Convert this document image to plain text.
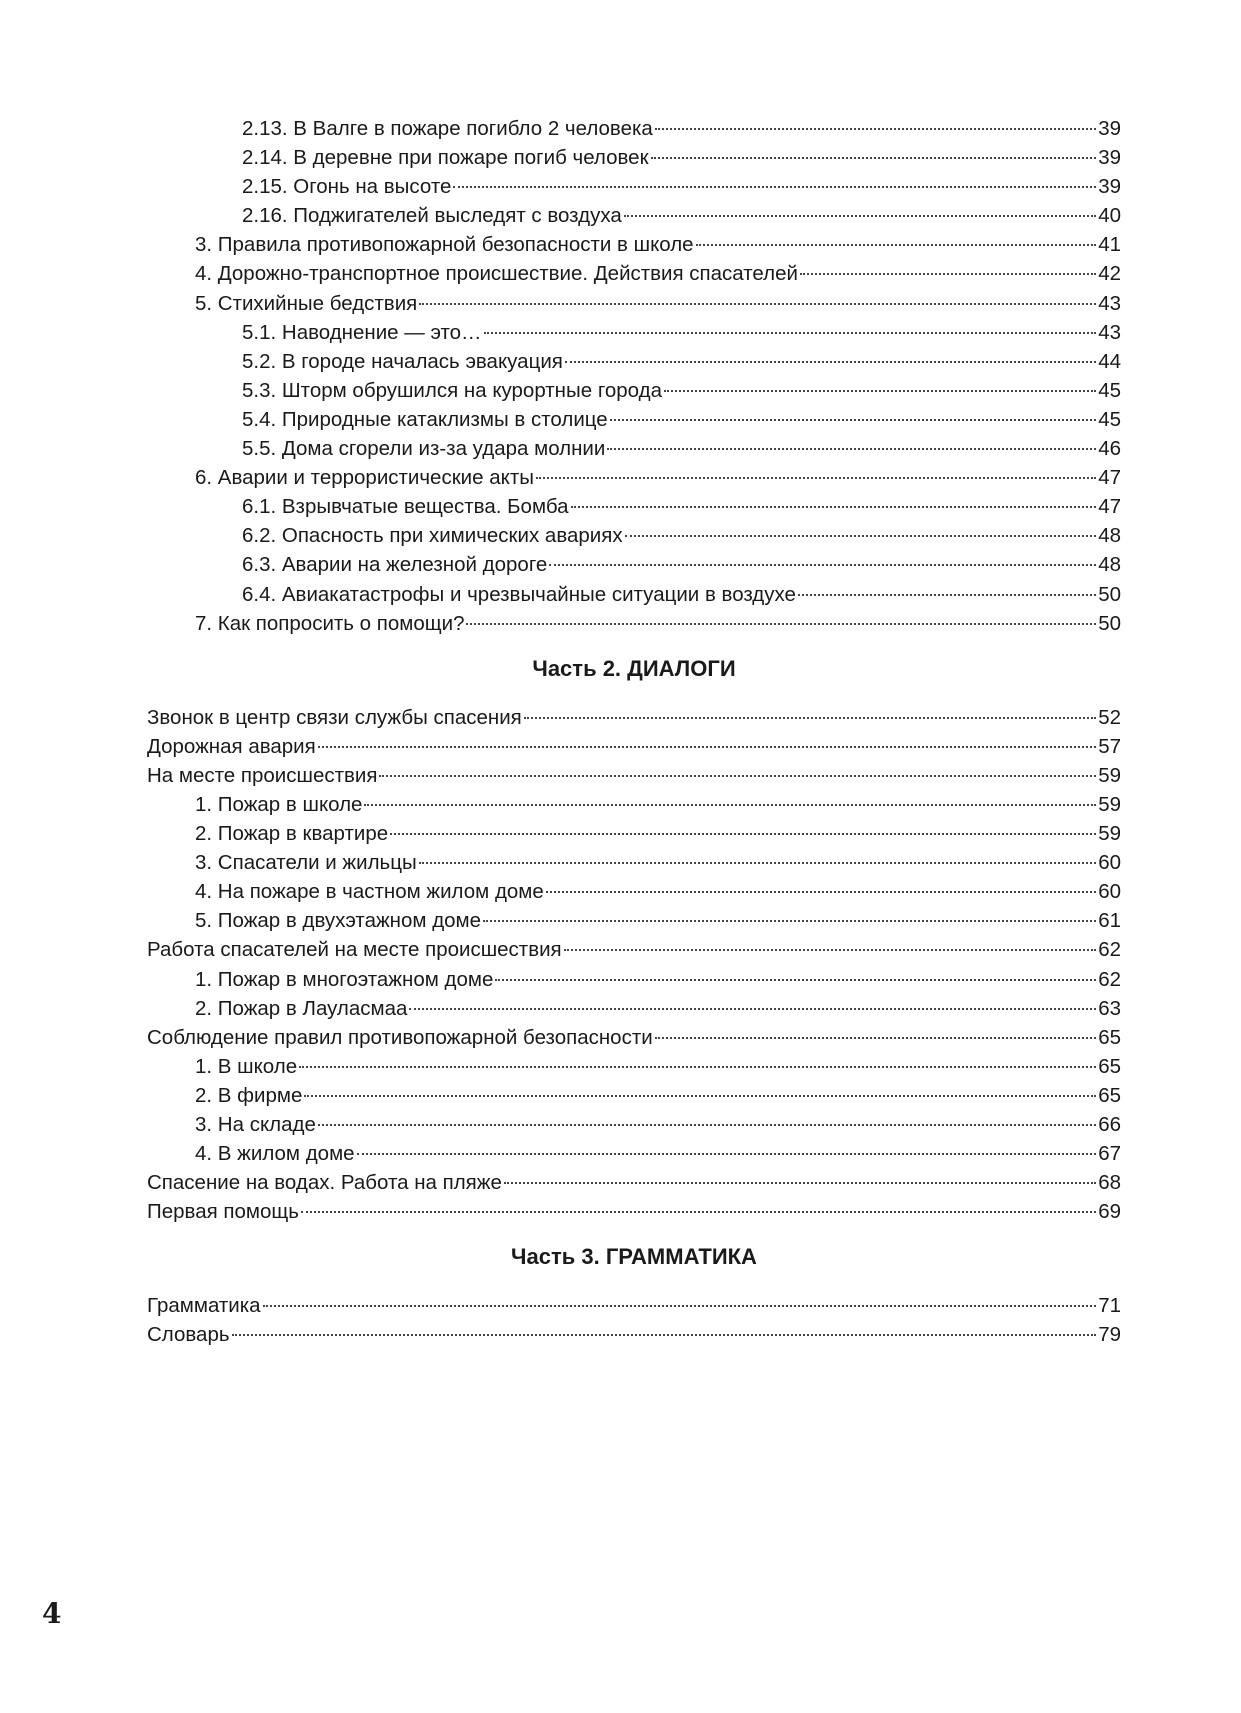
2.13. В Валге в пожаре погибло 2 человека	39
2.14. В деревне при пожаре погиб человек	39
2.15. Огонь на высоте	39
2.16. Поджигателей выследят с воздуха	40
3. Правила противопожарной безопасности в школе	41
4. Дорожно-транспортное происшествие. Действия спасателей	42
5. Стихийные бедствия	43
5.1. Наводнение — это…	43
5.2. В городе началась эвакуация	44
5.3. Шторм обрушился на курортные города	45
5.4. Природные катаклизмы в столице	45
5.5. Дома сгорели из-за удара молнии	46
6. Аварии и террористические акты	47
6.1. Взрывчатые вещества. Бомба	47
6.2. Опасность при химических авариях	48
6.3. Аварии на железной дороге	48
6.4. Авиакатастрофы и чрезвычайные ситуации в воздухе	50
7. Как попросить о помощи?	50
Часть 2. ДИАЛОГИ
Звонок в центр связи службы спасения	52
Дорожная авария	57
На месте происшествия	59
1. Пожар в школе	59
2. Пожар в квартире	59
3. Спасатели и жильцы	60
4. На пожаре в частном жилом доме	60
5. Пожар в двухэтажном доме	61
Работа спасателей на месте происшествия	62
1. Пожар в многоэтажном доме	62
2. Пожар в Лауласмаа	63
Соблюдение правил противопожарной безопасности	65
1. В школе	65
2. В фирме	65
3. На складе	66
4. В жилом доме	67
Спасение на водах. Работа на пляже	68
Первая помощь	69
Часть 3. ГРАММАТИКА
Грамматика	71
Словарь	79
4
